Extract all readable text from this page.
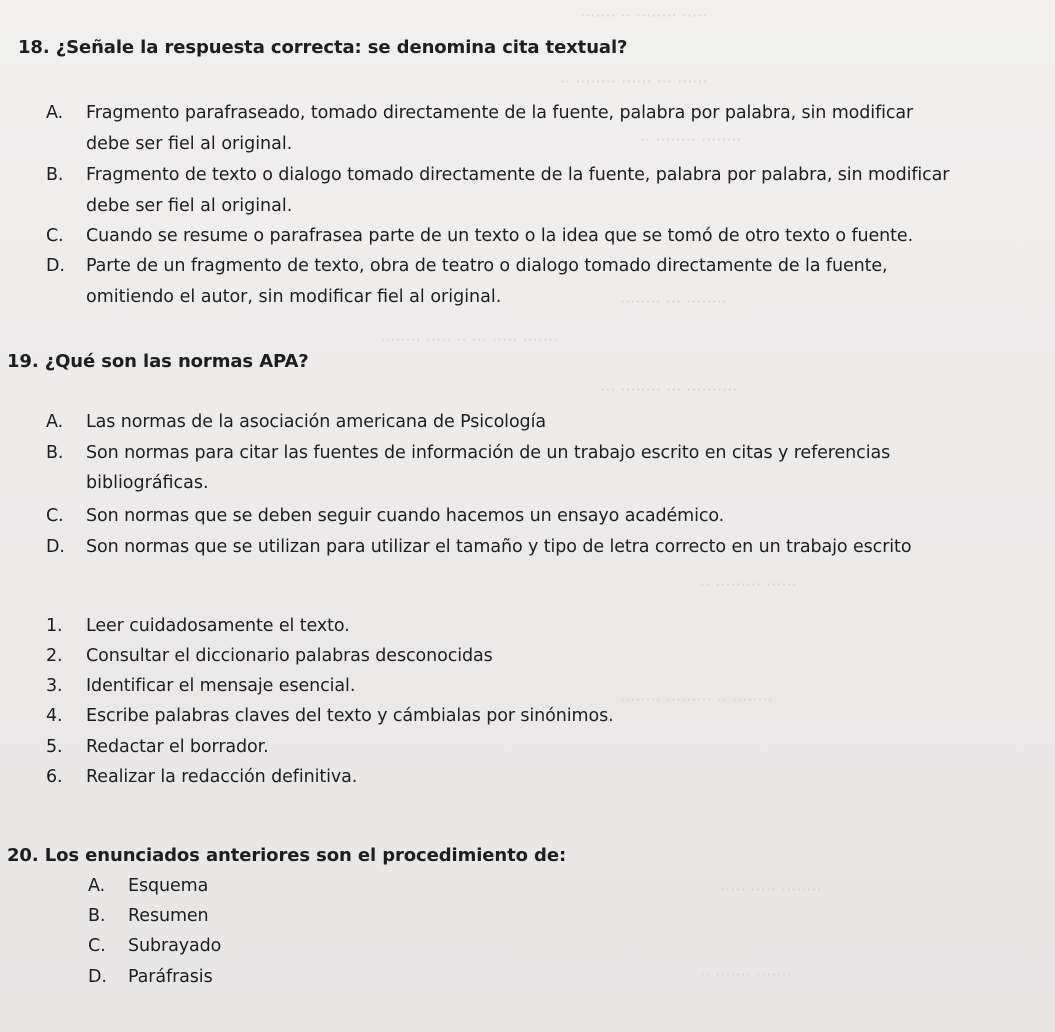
····· ········ ·· ·······
······ ··· ······ ········ ··
········ ········ ··
········ ··· ········
······· ····· ··· ·· ····· ········
·········· ··· ········ ···
······ ········· ··
········ ·· ········· ········
········ ····· ·····
······· ······· ··
18. ¿Señale la respuesta correcta: se denomina cita textual?
A. Fragmento parafraseado, tomado directamente de la fuente, palabra por palabra, sin modificar
debe ser fiel al original.
B. Fragmento de texto o dialogo tomado directamente de la fuente, palabra por palabra, sin modificar
debe ser fiel al original.
C. Cuando se resume o parafrasea parte de un texto o la idea que se tomó de otro texto o fuente.
D. Parte de un fragmento de texto, obra de teatro o dialogo tomado directamente de la fuente,
omitiendo el autor, sin modificar fiel al original.
19. ¿Qué son las normas APA?
A. Las normas de la asociación americana de Psicología
B. Son normas para citar las fuentes de información de un trabajo escrito en citas y referencias
bibliográficas.
C. Son normas que se deben seguir cuando hacemos un ensayo académico.
D. Son normas que se utilizan para utilizar el tamaño y tipo de letra correcto en un trabajo escrito
1. Leer cuidadosamente el texto.
2. Consultar el diccionario palabras desconocidas
3. Identificar el mensaje esencial.
4. Escribe palabras claves del texto y cámbialas por sinónimos.
5. Redactar el borrador.
6. Realizar la redacción definitiva.
20. Los enunciados anteriores son el procedimiento de:
A. Esquema
B. Resumen
C. Subrayado
D. Paráfrasis
